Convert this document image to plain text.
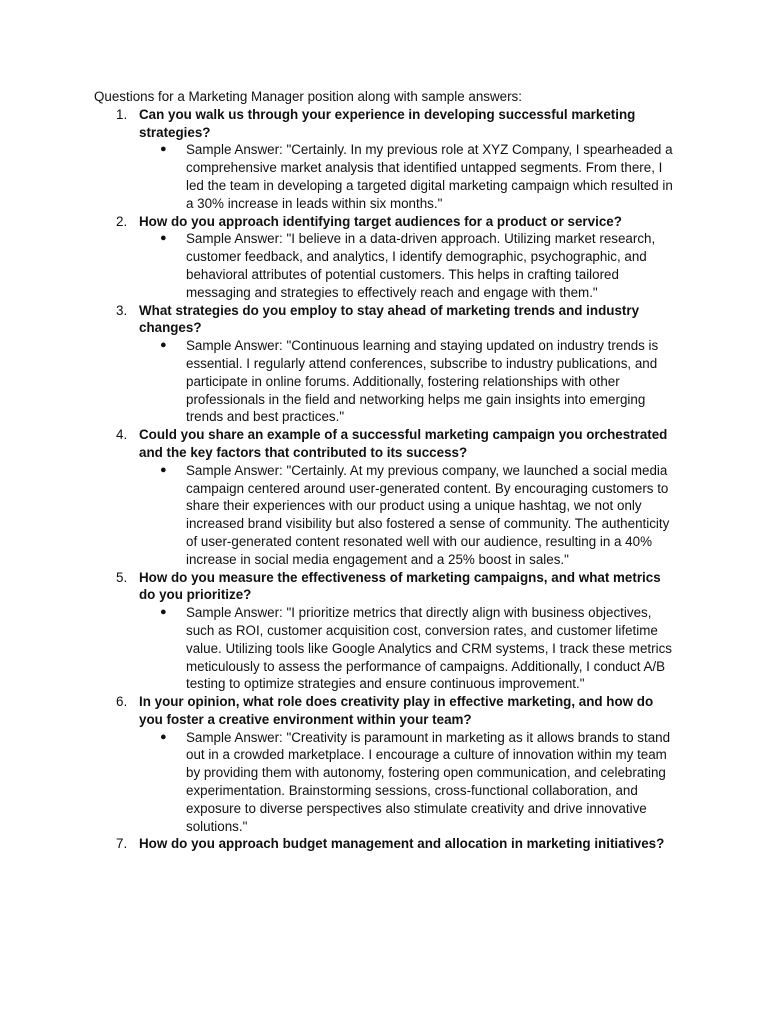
Questions for a Marketing Manager position along with sample answers:

1. Can you walk us through your experience in developing successful marketing strategies?

● Sample Answer: "Certainly. In my previous role at XYZ Company, I spearheaded a comprehensive market analysis that identified untapped segments. From there, I led the team in developing a targeted digital marketing campaign which resulted in a 30% increase in leads within six months."

2. How do you approach identifying target audiences for a product or service?

● Sample Answer: "I believe in a data-driven approach. Utilizing market research, customer feedback, and analytics, I identify demographic, psychographic, and behavioral attributes of potential customers. This helps in crafting tailored messaging and strategies to effectively reach and engage with them."

3. What strategies do you employ to stay ahead of marketing trends and industry changes?

● Sample Answer: "Continuous learning and staying updated on industry trends is essential. I regularly attend conferences, subscribe to industry publications, and participate in online forums. Additionally, fostering relationships with other professionals in the field and networking helps me gain insights into emerging trends and best practices."

4. Could you share an example of a successful marketing campaign you orchestrated and the key factors that contributed to its success?

● Sample Answer: "Certainly. At my previous company, we launched a social media campaign centered around user-generated content. By encouraging customers to share their experiences with our product using a unique hashtag, we not only increased brand visibility but also fostered a sense of community. The authenticity of user-generated content resonated well with our audience, resulting in a 40% increase in social media engagement and a 25% boost in sales."

5. How do you measure the effectiveness of marketing campaigns, and what metrics do you prioritize?

● Sample Answer: "I prioritize metrics that directly align with business objectives, such as ROI, customer acquisition cost, conversion rates, and customer lifetime value. Utilizing tools like Google Analytics and CRM systems, I track these metrics meticulously to assess the performance of campaigns. Additionally, I conduct A/B testing to optimize strategies and ensure continuous improvement."

6. In your opinion, what role does creativity play in effective marketing, and how do you foster a creative environment within your team?

● Sample Answer: "Creativity is paramount in marketing as it allows brands to stand out in a crowded marketplace. I encourage a culture of innovation within my team by providing them with autonomy, fostering open communication, and celebrating experimentation. Brainstorming sessions, cross-functional collaboration, and exposure to diverse perspectives also stimulate creativity and drive innovative solutions."

7. How do you approach budget management and allocation in marketing initiatives?
